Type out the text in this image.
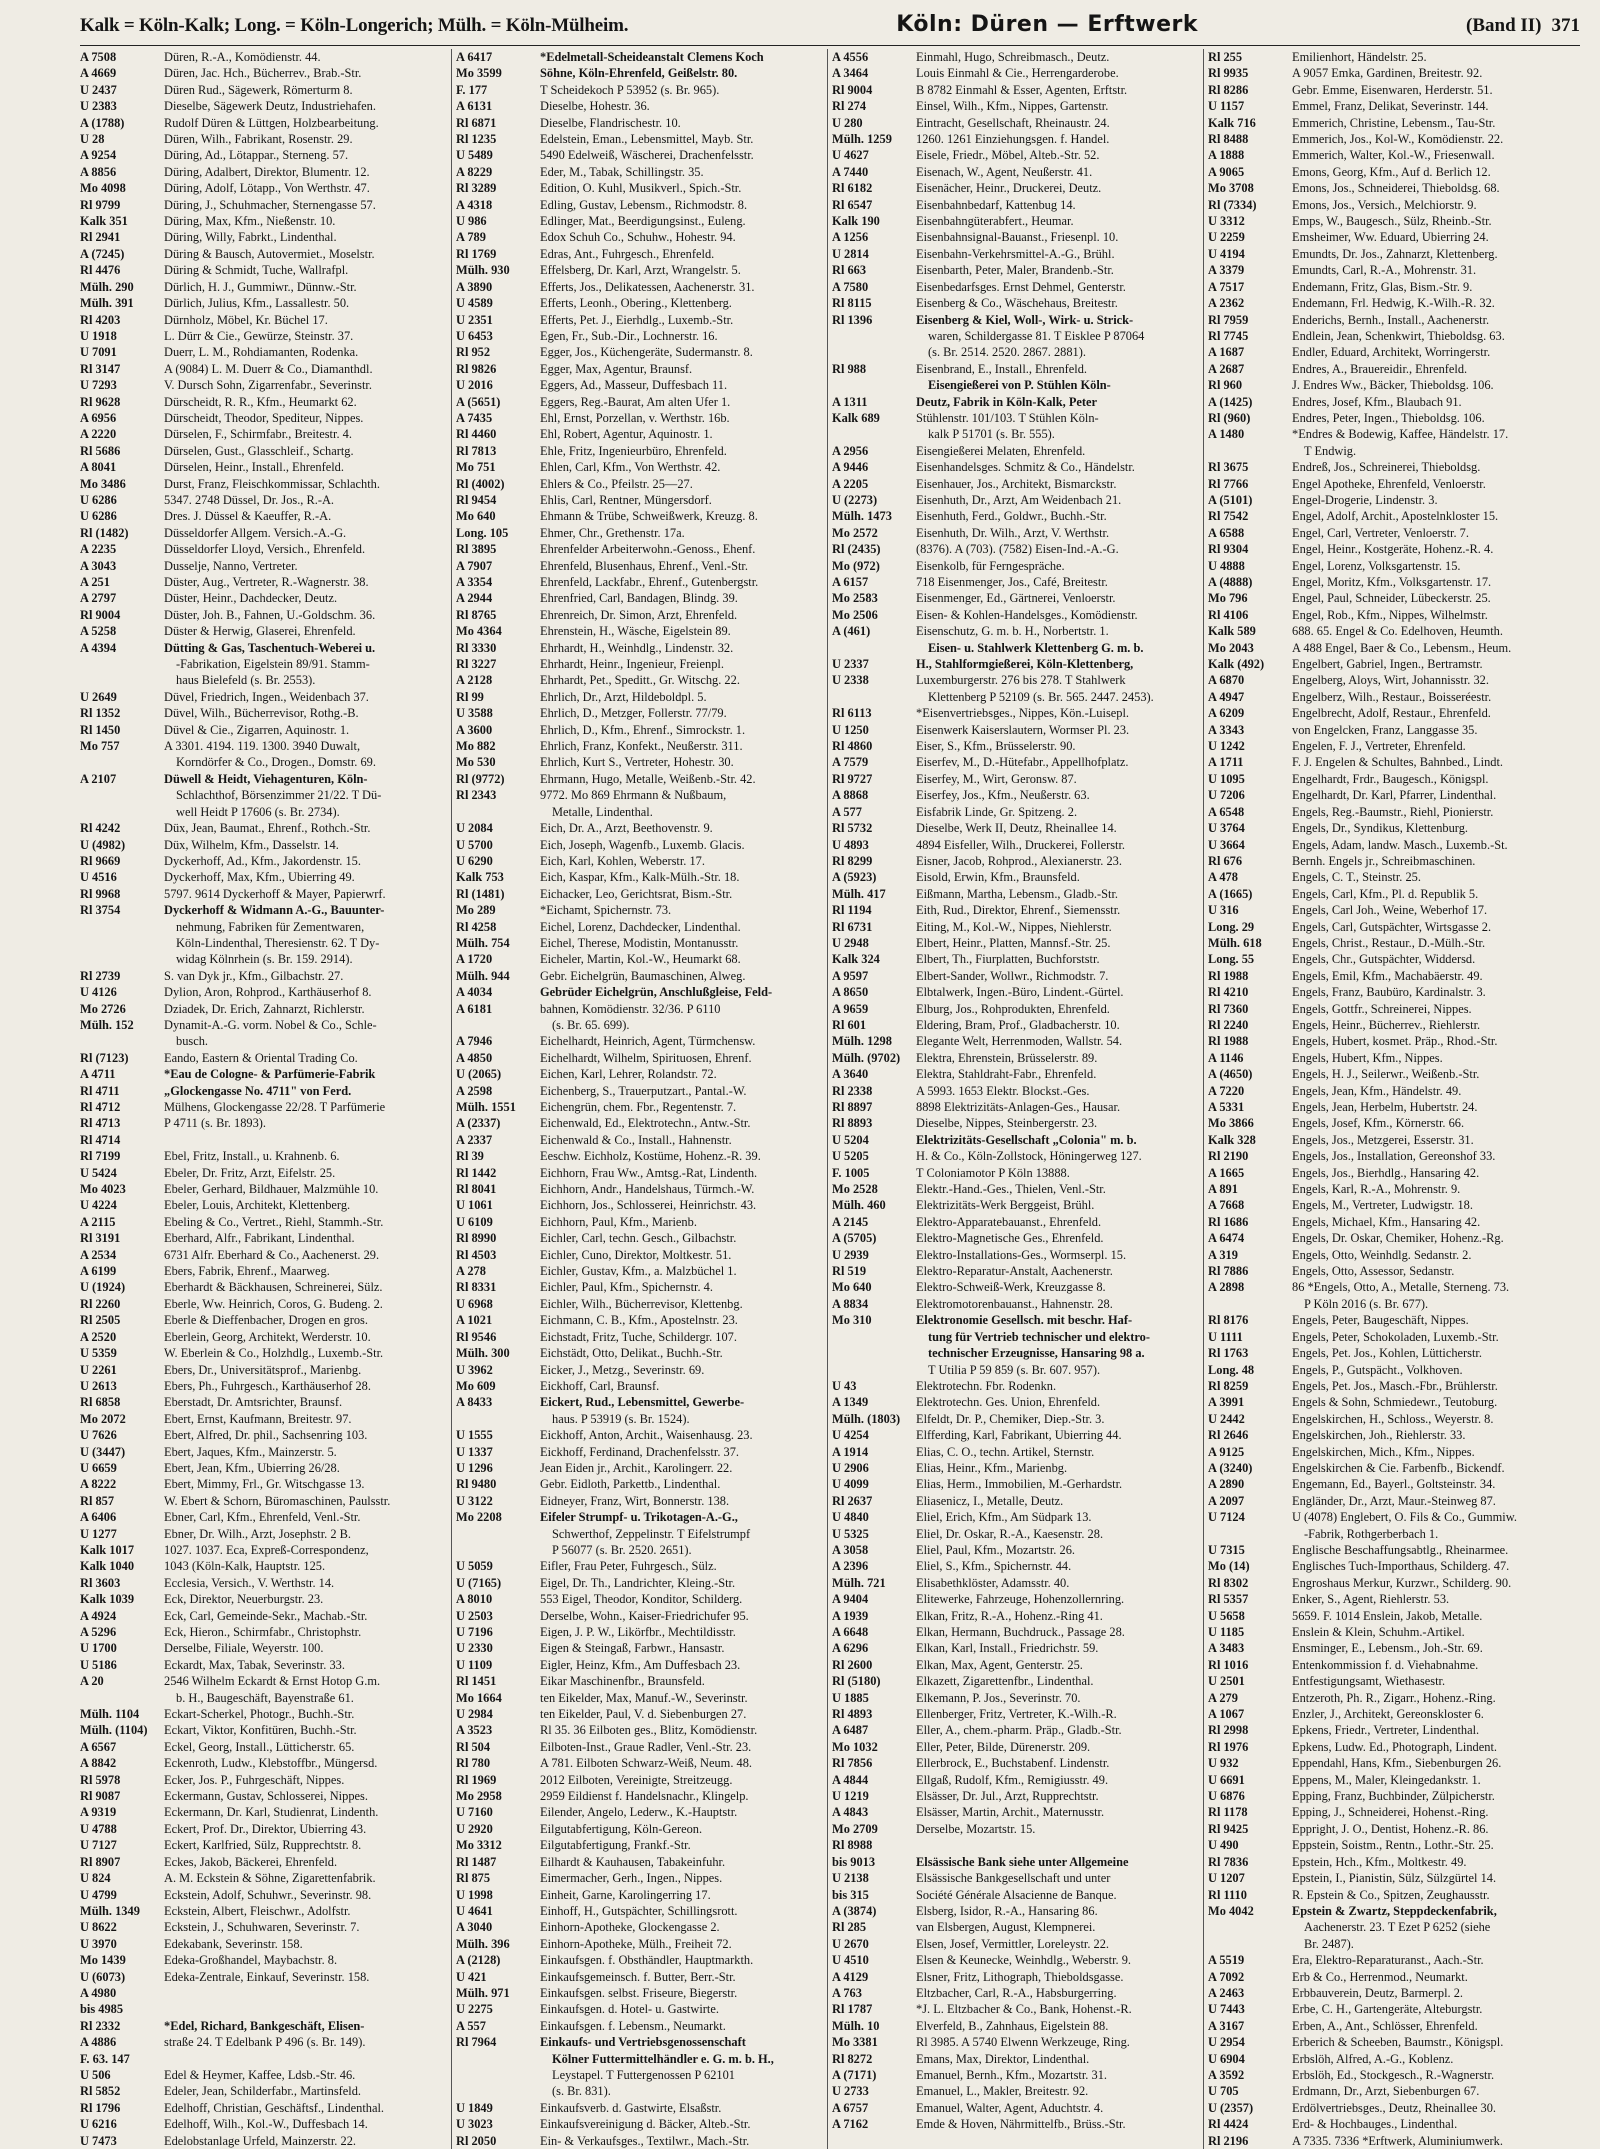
Kalk = Köln-Kalk; Long. = Köln-Longerich; Mülh. = Köln-Mülheim.	Köln: Düren — Erftwerk	(Band II) 371
A 7508	Düren, R.-A., Komödienstr. 44.
A 4669	Düren, Jac. Hch., Bücherrev., Brab.-Str.
U 2437	Düren Rud., Sägewerk, Römerturm 8.
U 2383	Dieselbe, Sägewerk Deutz, Industriehafen.
A (1788)	Rudolf Düren & Lüttgen, Holzbearbeitung.
U 28	Düren, Wilh., Fabrikant, Rosenstr. 29.
A 9254	Düring, Ad., Lötappar., Sterneng. 57.
A 8856	Düring, Adalbert, Direktor, Blumentr. 12.
Mo 4098	Düring, Adolf, Lötapp., Von Werthstr. 47.
Rl 9799	Düring, J., Schuhmacher, Sternengasse 57.
Kalk 351	Düring, Max, Kfm., Nießenstr. 10.
Rl 2941	Düring, Willy, Fabrkt., Lindenthal.
A (7245)	Düring & Bausch, Autovermiet., Moselstr.
Rl 4476	Düring & Schmidt, Tuche, Wallrafpl.
Mülh. 290	Dürlich, H. J., Gummiwr., Dünnw.-Str.
Mülh. 391	Dürlich, Julius, Kfm., Lassallestr. 50.
Rl 4203	Dürnholz, Möbel, Kr. Büchel 17.
U 1918	L. Dürr & Cie., Gewürze, Steinstr. 37.
U 7091	Duerr, L. M., Rohdiamanten, Rodenka.
Rl 3147	A (9084) L. M. Duerr & Co., Diamanthdl.
U 7293	V. Dursch Sohn, Zigarrenfabr., Severinstr.
Rl 9628	Dürscheidt, R. R., Kfm., Heumarkt 62.
A 6956	Dürscheidt, Theodor, Spediteur, Nippes.
A 2220	Dürselen, F., Schirmfabr., Breitestr. 4.
Rl 5686	Dürselen, Gust., Glasschleif., Schartg.
A 8041	Dürselen, Heinr., Install., Ehrenfeld.
Mo 3486	Durst, Franz, Fleischkommissar, Schlachth.
U 6286	5347. 2748 Düssel, Dr. Jos., R.-A.
U 6286	Dres. J. Düssel & Kaeuffer, R.-A.
Rl (1482)	Düsseldorfer Allgem. Versich.-A.-G.
A 2235	Düsseldorfer Lloyd, Versich., Ehrenfeld.
A 3043	Dusselje, Nanno, Vertreter.
A 251	Düster, Aug., Vertreter, R.-Wagnerstr. 38.
A 2797	Düster, Heinr., Dachdecker, Deutz.
Rl 9004	Düster, Joh. B., Fahnen, U.-Goldschm. 36.
A 5258	Düster & Herwig, Glaserei, Ehrenfeld.
A 4394	Dütting & Gas, Taschentuch-Weberei u.
-Fabrikation, Eigelstein 89/91. Stamm-
haus Bielefeld (s. Br. 2553).
U 2649	Düvel, Friedrich, Ingen., Weidenbach 37.
Rl 1352	Düvel, Wilh., Bücherrevisor, Rothg.-B.
Rl 1450	Düvel & Cie., Zigarren, Aquinostr. 1.
Mo 757	A 3301. 4194. 119. 1300. 3940 Duwalt,
Korndörfer & Co., Drogen., Domstr. 69.
A 2107	Düwell & Heidt, Viehagenturen, Köln-
Schlachthof, Börsenzimmer 21/22. T Dü-
well Heidt P 17606 (s. Br. 2734).
Rl 4242	Düx, Jean, Baumat., Ehrenf., Rothch.-Str.
U (4982)	Düx, Wilhelm, Kfm., Dasselstr. 14.
Rl 9669	Dyckerhoff, Ad., Kfm., Jakordenstr. 15.
U 4516	Dyckerhoff, Max, Kfm., Ubierring 49.
Rl 9968	5797. 9614 Dyckerhoff & Mayer, Papierwrf.
Rl 3754	Dyckerhoff & Widmann A.-G., Bauunter-
nehmung, Fabriken für Zementwaren,
Köln-Lindenthal, Theresienstr. 62. T Dy-
widag Kölnrhein (s. Br. 159. 2914).
Rl 2739	S. van Dyk jr., Kfm., Gilbachstr. 27.
U 4126	Dylion, Aron, Rohprod., Karthäuserhof 8.
Mo 2726	Dziadek, Dr. Erich, Zahnarzt, Richlerstr.
Mülh. 152	Dynamit-A.-G. vorm. Nobel & Co., Schle-
busch.
Rl (7123)	Eando, Eastern & Oriental Trading Co.
A 4711	*Eau de Cologne- & Parfümerie-Fabrik
Rl 4711	„Glockengasse No. 4711" von Ferd.
Rl 4712	Mülhens, Glockengasse 22/28. T Parfümerie
Rl 4713	P 4711 (s. Br. 1893).
Rl 4714
Rl 7199	Ebel, Fritz, Install., u. Krahnenb. 6.
U 5424	Ebeler, Dr. Fritz, Arzt, Eifelstr. 25.
Mo 4023	Ebeler, Gerhard, Bildhauer, Malzmühle 10.
U 4224	Ebeler, Louis, Architekt, Klettenberg.
A 2115	Ebeling & Co., Vertret., Riehl, Stammh.-Str.
Rl 3191	Eberhard, Alfr., Fabrikant, Lindenthal.
A 2534	6731 Alfr. Eberhard & Co., Aachenerst. 29.
A 6199	Ebers, Fabrik, Ehrenf., Maarweg.
U (1924)	Eberhardt & Bäckhausen, Schreinerei, Sülz.
Rl 2260	Eberle, Ww. Heinrich, Coros, G. Budeng. 2.
Rl 2505	Eberle & Dieffenbacher, Drogen en gros.
A 2520	Eberlein, Georg, Architekt, Werderstr. 10.
U 5359	W. Eberlein & Co., Holzhdlg., Luxemb.-Str.
U 2261	Ebers, Dr., Universitätsprof., Marienbg.
U 2613	Ebers, Ph., Fuhrgesch., Karthäuserhof 28.
Rl 6858	Eberstadt, Dr. Amtsrichter, Braunsf.
Mo 2072	Ebert, Ernst, Kaufmann, Breitestr. 97.
U 7626	Ebert, Alfred, Dr. phil., Sachsenring 103.
U (3447)	Ebert, Jaques, Kfm., Mainzerstr. 5.
U 6659	Ebert, Jean, Kfm., Ubierring 26/28.
A 8222	Ebert, Mimmy, Frl., Gr. Witschgasse 13.
Rl 857	W. Ebert & Schorn, Büromaschinen, Paulsstr.
A 6406	Ebner, Carl, Kfm., Ehrenfeld, Venl.-Str.
U 1277	Ebner, Dr. Wilh., Arzt, Josephstr. 2 B.
Kalk 1017	1027. 1037. Eca, Expreß-Correspondenz,
Kalk 1040	1043 (Köln-Kalk, Hauptstr. 125.
Rl 3603	Ecclesia, Versich., V. Werthstr. 14.
Kalk 1039	Eck, Direktor, Neuerburgstr. 23.
A 4924	Eck, Carl, Gemeinde-Sekr., Machab.-Str.
A 5296	Eck, Hieron., Schirmfabr., Christophstr.
U 1700	Derselbe, Filiale, Weyerstr. 100.
U 5186	Eckardt, Max, Tabak, Severinstr. 33.
A 20	2546 Wilhelm Eckardt & Ernst Hotop G.m.
b. H., Baugeschäft, Bayenstraße 61.
Mülh. 1104	Eckart-Scherkel, Photogr., Buchh.-Str.
Mülh. (1104)	Eckart, Viktor, Konfitüren, Buchh.-Str.
A 6567	Eckel, Georg, Install., Lütticherstr. 65.
A 8842	Eckenroth, Ludw., Klebstoffbr., Müngersd.
Rl 5978	Ecker, Jos. P., Fuhrgeschäft, Nippes.
Rl 9087	Eckermann, Gustav, Schlosserei, Nippes.
A 9319	Eckermann, Dr. Karl, Studienrat, Lindenth.
U 4788	Eckert, Prof. Dr., Direktor, Ubierring 43.
U 7127	Eckert, Karlfried, Sülz, Rupprechtstr. 8.
Rl 8907	Eckes, Jakob, Bäckerei, Ehrenfeld.
U 824	A. M. Eckstein & Söhne, Zigarettenfabrik.
U 4799	Eckstein, Adolf, Schuhwr., Severinstr. 98.
Mülh. 1349	Eckstein, Albert, Fleischwr., Adolfstr.
U 8622	Eckstein, J., Schuhwaren, Severinstr. 7.
U 3970	Edekabank, Severinstr. 158.
Mo 1439	Edeka-Großhandel, Maybachstr. 8.
U (6073)	Edeka-Zentrale, Einkauf, Severinstr. 158.
A 4980
bis 4985
Rl 2332	*Edel, Richard, Bankgeschäft, Elisen-
A 4886	straße 24. T Edelbank P 496 (s. Br. 149).
F. 63. 147
U 506	Edel & Heymer, Kaffee, Ldsb.-Str. 46.
Rl 5852	Edeler, Jean, Schilderfabr., Martinsfeld.
Rl 1796	Edelhoff, Christian, Geschäftsf., Lindenthal.
U 6216	Edelhoff, Wilh., Kol.-W., Duffesbach 14.
U 7473	Edelobstanlage Urfeld, Mainzerstr. 22.
A 6417	*Edelmetall-Scheideanstalt Clemens Koch
Mo 3599	Söhne, Köln-Ehrenfeld, Geißelstr. 80.
F. 177	T Scheidekoch P 53952 (s. Br. 965).
A 6131	Dieselbe, Hohestr. 36.
Rl 6871	Dieselbe, Flandrischestr. 10.
Rl 1235	Edelstein, Eman., Lebensmittel, Mayb. Str.
U 5489	5490 Edelweiß, Wäscherei, Drachenfelsstr.
A 8229	Eder, M., Tabak, Schillingstr. 35.
Rl 3289	Edition, O. Kuhl, Musikverl., Spich.-Str.
A 4318	Edling, Gustav, Lebensm., Richmodstr. 8.
U 986	Edlinger, Mat., Beerdigungsinst., Euleng.
A 789	Edox Schuh Co., Schuhw., Hohestr. 94.
Rl 1769	Edras, Ant., Fuhrgesch., Ehrenfeld.
Mülh. 930	Effelsberg, Dr. Karl, Arzt, Wrangelstr. 5.
A 3890	Efferts, Jos., Delikatessen, Aachenerstr. 31.
U 4589	Efferts, Leonh., Obering., Klettenberg.
U 2351	Efferts, Pet. J., Eierhdlg., Luxemb.-Str.
U 6453	Egen, Fr., Sub.-Dir., Lochnerstr. 16.
Rl 952	Egger, Jos., Küchengeräte, Sudermanstr. 8.
Rl 9826	Egger, Max, Agentur, Braunsf.
U 2016	Eggers, Ad., Masseur, Duffesbach 11.
A (5651)	Eggers, Reg.-Baurat, Am alten Ufer 1.
A 7435	Ehl, Ernst, Porzellan, v. Werthstr. 16b.
Rl 4460	Ehl, Robert, Agentur, Aquinostr. 1.
Rl 7813	Ehle, Fritz, Ingenieurbüro, Ehrenfeld.
Mo 751	Ehlen, Carl, Kfm., Von Werthstr. 42.
Rl (4002)	Ehlers & Co., Pfeilstr. 25—27.
Rl 9454	Ehlis, Carl, Rentner, Müngersdorf.
Mo 640	Ehmann & Trübe, Schweißwerk, Kreuzg. 8.
Long. 105	Ehmer, Chr., Grethenstr. 17a.
Rl 3895	Ehrenfelder Arbeiterwohn.-Genoss., Ehenf.
A 7907	Ehrenfeld, Blusenhaus, Ehrenf., Venl.-Str.
A 3354	Ehrenfeld, Lackfabr., Ehrenf., Gutenbergstr.
A 2944	Ehrenfried, Carl, Bandagen, Blindg. 39.
Rl 8765	Ehrenreich, Dr. Simon, Arzt, Ehrenfeld.
Mo 4364	Ehrenstein, H., Wäsche, Eigelstein 89.
Rl 3330	Ehrhardt, H., Weinhdlg., Lindenstr. 32.
Rl 3227	Ehrhardt, Heinr., Ingenieur, Freienpl.
A 2128	Ehrhardt, Pet., Speditt., Gr. Witschg. 22.
Rl 99	Ehrlich, Dr., Arzt, Hildeboldpl. 5.
U 3588	Ehrlich, D., Metzger, Follerstr. 77/79.
A 3600	Ehrlich, D., Kfm., Ehrenf., Simrockstr. 1.
Mo 882	Ehrlich, Franz, Konfekt., Neußerstr. 311.
Mo 530	Ehrlich, Kurt S., Vertreter, Hohestr. 30.
Rl (9772)	Ehrmann, Hugo, Metalle, Weißenb.-Str. 42.
Rl 2343	9772. Mo 869 Ehrmann & Nußbaum,
Metalle, Lindenthal.
U 2084	Eich, Dr. A., Arzt, Beethovenstr. 9.
U 5700	Eich, Joseph, Wagenfb., Luxemb. Glacis.
U 6290	Eich, Karl, Kohlen, Weberstr. 17.
Kalk 753	Eich, Kaspar, Kfm., Kalk-Mülh.-Str. 18.
Rl (1481)	Eichacker, Leo, Gerichtsrat, Bism.-Str.
Mo 289	*Eichamt, Spichernstr. 73.
Rl 4258	Eichel, Lorenz, Dachdecker, Lindenthal.
Mülh. 754	Eichel, Therese, Modistin, Montanusstr.
A 1720	Eicheler, Martin, Kol.-W., Heumarkt 68.
Mülh. 944	Gebr. Eichelgrün, Baumaschinen, Alweg.
A 4034	Gebrüder Eichelgrün, Anschlußgleise, Feld-
A 6181	bahnen, Komödienstr. 32/36. P 6110
(s. Br. 65. 699).
A 7946	Eichelhardt, Heinrich, Agent, Türmchensw.
A 4850	Eichelhardt, Wilhelm, Spirituosen, Ehrenf.
U (2065)	Eichen, Karl, Lehrer, Rolandstr. 72.
A 2598	Eichenberg, S., Trauerputzart., Pantal.-W.
Mülh. 1551	Eichengrün, chem. Fbr., Regentenstr. 7.
A (2337)	Eichenwald, Ed., Elektrotechn., Antw.-Str.
A 2337	Eichenwald & Co., Install., Hahnenstr.
Rl 39	Eeschw. Eichholz, Kostüme, Hohenz.-R. 39.
Rl 1442	Eichhorn, Frau Ww., Amtsg.-Rat, Lindenth.
Rl 8041	Eichhorn, Andr., Handelshaus, Türmch.-W.
U 1061	Eichhorn, Jos., Schlosserei, Heinrichstr. 43.
U 6109	Eichhorn, Paul, Kfm., Marienb.
Rl 8990	Eichler, Carl, techn. Gesch., Gilbachstr.
Rl 4503	Eichler, Cuno, Direktor, Moltkestr. 51.
A 278	Eichler, Gustav, Kfm., a. Malzbüchel 1.
Rl 8331	Eichler, Paul, Kfm., Spichernstr. 4.
U 6968	Eichler, Wilh., Bücherrevisor, Klettenbg.
A 1021	Eichmann, C. B., Kfm., Apostelnstr. 23.
Rl 9546	Eichstadt, Fritz, Tuche, Schildergr. 107.
Mülh. 300	Eichstädt, Otto, Delikat., Buchh.-Str.
U 3962	Eicker, J., Metzg., Severinstr. 69.
Mo 609	Eickhoff, Carl, Braunsf.
A 8433	Eickert, Rud., Lebensmittel, Gewerbe-
haus. P 53919 (s. Br. 1524).
U 1555	Eickhoff, Anton, Archit., Waisenhausg. 23.
U 1337	Eickhoff, Ferdinand, Drachenfelsstr. 37.
U 1296	Jean Eiden jr., Archit., Karolingerr. 22.
Rl 9480	Gebr. Eidloth, Parkettb., Lindenthal.
U 3122	Eidneyer, Franz, Wirt, Bonnerstr. 138.
Mo 2208	Eifeler Strumpf- u. Trikotagen-A.-G.,
Schwerthof, Zeppelinstr. T Eifelstrumpf
P 56077 (s. Br. 2520. 2651).
U 5059	Eifler, Frau Peter, Fuhrgesch., Sülz.
U (7165)	Eigel, Dr. Th., Landrichter, Kleing.-Str.
A 8010	553 Eigel, Theodor, Konditor, Schilderg.
U 2503	Derselbe, Wohn., Kaiser-Friedrichufer 95.
U 7196	Eigen, J. P. W., Likörfbr., Mechtildisstr.
U 2330	Eigen & Steingaß, Farbwr., Hansastr.
U 1109	Eigler, Heinz, Kfm., Am Duffesbach 23.
Rl 1451	Eikar Maschinenfbr., Braunsfeld.
Mo 1664	ten Eikelder, Max, Manuf.-W., Severinstr.
U 2984	ten Eikelder, Paul, V. d. Siebenburgen 27.
A 3523	Rl 35. 36 Eilboten ges., Blitz, Komödienstr.
Rl 504	Eilboten-Inst., Graue Radler, Venl.-Str. 23.
Rl 780	A 781. Eilboten Schwarz-Weiß, Neum. 48.
Rl 1969	2012 Eilboten, Vereinigte, Streitzeugg.
Mo 2958	2959 Eildienst f. Handelsnachr., Klingelp.
U 7160	Eilender, Angelo, Lederw., K.-Hauptstr.
U 2920	Eilgutabfertigung, Köln-Gereon.
Mo 3312	Eilgutabfertigung, Frankf.-Str.
Rl 1487	Eilhardt & Kauhausen, Tabakeinfuhr.
Rl 875	Eimermacher, Gerh., Ingen., Nippes.
U 1998	Einheit, Garne, Karolingerring 17.
U 4641	Einhoff, H., Gutspächter, Schillingsrott.
A 3040	Einhorn-Apotheke, Glockengasse 2.
Mülh. 396	Einhorn-Apotheke, Mülh., Freiheit 72.
A (2128)	Einkaufsgen. f. Obsthändler, Hauptmarkth.
U 421	Einkaufsgemeinsch. f. Butter, Berr.-Str.
Mülh. 971	Einkaufsgen. selbst. Friseure, Biegerstr.
U 2275	Einkaufsgen. d. Hotel- u. Gastwirte.
A 557	Einkaufsgen. f. Lebensm., Neumarkt.
Rl 7964	Einkaufs- und Vertriebsgenossenschaft
Kölner Futtermittelhändler e. G. m. b. H.,
Leystapel. T Futtergenossen P 62101
(s. Br. 831).
U 1849	Einkaufsverb. d. Gastwirte, Elsaßstr.
U 3023	Einkaufsvereinigung d. Bäcker, Alteb.-Str.
Rl 2050	Ein- & Verkaufsges., Textilwr., Mach.-Str.
A 4556	Einmahl, Hugo, Schreibmasch., Deutz.
A 3464	Louis Einmahl & Cie., Herrengarderobe.
Rl 9004	B 8782 Einmahl & Esser, Agenten, Erftstr.
Rl 274	Einsel, Wilh., Kfm., Nippes, Gartenstr.
U 280	Eintracht, Gesellschaft, Rheinaustr. 24.
Mülh. 1259	1260. 1261 Einziehungsgen. f. Handel.
U 4627	Eisele, Friedr., Möbel, Alteb.-Str. 52.
A 7440	Eisenach, W., Agent, Neußerstr. 41.
Rl 6182	Eisenächer, Heinr., Druckerei, Deutz.
Rl 6547	Eisenbahnbedarf, Kattenbug 14.
Kalk 190	Eisenbahngüterabfert., Heumar.
A 1256	Eisenbahnsignal-Bauanst., Friesenpl. 10.
U 2814	Eisenbahn-Verkehrsmittel-A.-G., Brühl.
Rl 663	Eisenbarth, Peter, Maler, Brandenb.-Str.
A 7580	Eisenbedarfsges. Ernst Dehmel, Genterstr.
Rl 8115	Eisenberg & Co., Wäschehaus, Breitestr.
Rl 1396	Eisenberg & Kiel, Woll-, Wirk- u. Strick-
waren, Schildergasse 81. T Eisklee P 87064
(s. Br. 2514. 2520. 2867. 2881).
Rl 988	Eisenbrand, E., Install., Ehrenfeld.
Eisengießerei von P. Stühlen Köln-
A 1311	Deutz, Fabrik in Köln-Kalk, Peter
Kalk 689	Stühlenstr. 101/103. T Stühlen Köln-
kalk P 51701 (s. Br. 555).
A 2956	Eisengießerei Melaten, Ehrenfeld.
A 9446	Eisenhandelsges. Schmitz & Co., Händelstr.
A 2205	Eisenhauer, Jos., Architekt, Bismarckstr.
U (2273)	Eisenhuth, Dr., Arzt, Am Weidenbach 21.
Mülh. 1473	Eisenhuth, Ferd., Goldwr., Buchh.-Str.
Mo 2572	Eisenhuth, Dr. Wilh., Arzt, V. Werthstr.
Rl (2435)	(8376). A (703). (7582) Eisen-Ind.-A.-G.
Mo (972)	Eisenkolb, für Ferngespräche.
A 6157	718 Eisenmenger, Jos., Café, Breitestr.
Mo 2583	Eisenmenger, Ed., Gärtnerei, Venloerstr.
Mo 2506	Eisen- & Kohlen-Handelsges., Komödienstr.
A (461)	Eisenschutz, G. m. b. H., Norbertstr. 1.
Eisen- u. Stahlwerk Klettenberg G. m. b.
U 2337	H., Stahlformgießerei, Köln-Klettenberg,
U 2338	Luxemburgerstr. 276 bis 278. T Stahlwerk
Klettenberg P 52109 (s. Br. 565. 2447. 2453).
Rl 6113	*Eisenvertriebsges., Nippes, Kön.-Luisepl.
U 1250	Eisenwerk Kaiserslautern, Wormser Pl. 23.
Rl 4860	Eiser, S., Kfm., Brüsselerstr. 90.
A 7579	Eiserfev, M., D.-Hütefabr., Appellhofplatz.
Rl 9727	Eiserfey, M., Wirt, Geronsw. 87.
A 8868	Eiserfey, Jos., Kfm., Neußerstr. 63.
A 577	Eisfabrik Linde, Gr. Spitzeng. 2.
Rl 5732	Dieselbe, Werk II, Deutz, Rheinallee 14.
U 4893	4894 Eisfeller, Wilh., Druckerei, Follerstr.
Rl 8299	Eisner, Jacob, Rohprod., Alexianerstr. 23.
A (5923)	Eisold, Erwin, Kfm., Braunsfeld.
Mülh. 417	Eißmann, Martha, Lebensm., Gladb.-Str.
Rl 1194	Eith, Rud., Direktor, Ehrenf., Siemensstr.
Rl 6731	Eiting, M., Kol.-W., Nippes, Niehlerstr.
U 2948	Elbert, Heinr., Platten, Mannsf.-Str. 25.
Kalk 324	Elbert, Th., Fiurplatten, Buchforststr.
A 9597	Elbert-Sander, Wollwr., Richmodstr. 7.
A 8650	Elbtalwerk, Ingen.-Büro, Lindent.-Gürtel.
A 9659	Elburg, Jos., Rohprodukten, Ehrenfeld.
Rl 601	Eldering, Bram, Prof., Gladbacherstr. 10.
Mülh. 1298	Elegante Welt, Herrenmoden, Wallstr. 54.
Mülh. (9702)	Elektra, Ehrenstein, Brüsselerstr. 89.
A 3640	Elektra, Stahldraht-Fabr., Ehrenfeld.
Rl 2338	A 5993. 1653 Elektr. Blockst.-Ges.
Rl 8897	8898 Elektrizitäts-Anlagen-Ges., Hausar.
Rl 8893	Dieselbe, Nippes, Steinbergerstr. 23.
U 5204	Elektrizitäts-Gesellschaft „Colonia" m. b.
U 5205	H. & Co., Köln-Zollstock, Höningerweg 127.
F. 1005	T Coloniamotor P Köln 13888.
Mo 2528	Elektr.-Hand.-Ges., Thielen, Venl.-Str.
Mülh. 460	Elektrizitäts-Werk Berggeist, Brühl.
A 2145	Elektro-Apparatebauanst., Ehrenfeld.
A (5705)	Elektro-Magnetische Ges., Ehrenfeld.
U 2939	Elektro-Installations-Ges., Wormserpl. 15.
Rl 519	Elektro-Reparatur-Anstalt, Aachenerstr.
Mo 640	Elektro-Schweiß-Werk, Kreuzgasse 8.
A 8834	Elektromotorenbauanst., Hahnenstr. 28.
Mo 310	Elektronomie Gesellsch. mit beschr. Haf-
tung für Vertrieb technischer und elektro-
technischer Erzeugnisse, Hansaring 98 a.
T Utilia P 59 859 (s. Br. 607. 957).
U 43	Elektrotechn. Fbr. Rodenkn.
A 1349	Elektrotechn. Ges. Union, Ehrenfeld.
Mülh. (1803)	Elfeldt, Dr. P., Chemiker, Diep.-Str. 3.
U 4254	Elfferding, Karl, Fabrikant, Ubierring 44.
A 1914	Elias, C. O., techn. Artikel, Sternstr.
U 2906	Elias, Heinr., Kfm., Marienbg.
U 4099	Elias, Herm., Immobilien, M.-Gerhardstr.
Rl 2637	Eliasenicz, I., Metalle, Deutz.
U 4840	Eliel, Erich, Kfm., Am Südpark 13.
U 5325	Eliel, Dr. Oskar, R.-A., Kaesenstr. 28.
A 3058	Eliel, Paul, Kfm., Mozartstr. 26.
A 2396	Eliel, S., Kfm., Spichernstr. 44.
Mülh. 721	Elisabethklöster, Adamsstr. 40.
A 9404	Elitewerke, Fahrzeuge, Hohenzollernring.
A 1939	Elkan, Fritz, R.-A., Hohenz.-Ring 41.
A 6648	Elkan, Hermann, Buchdruck., Passage 28.
A 6296	Elkan, Karl, Install., Friedrichstr. 59.
Rl 2600	Elkan, Max, Agent, Genterstr. 25.
Rl (5180)	Elkazett, Zigarettenfbr., Lindenthal.
U 1885	Elkemann, P. Jos., Severinstr. 70.
Rl 4893	Ellenberger, Fritz, Vertreter, K.-Wilh.-R.
A 6487	Eller, A., chem.-pharm. Präp., Gladb.-Str.
Mo 1032	Eller, Peter, Bilde, Dürenerstr. 209.
Rl 7856	Ellerbrock, E., Buchstabenf. Lindenstr.
A 4844	Ellgaß, Rudolf, Kfm., Remigiusstr. 49.
U 1219	Elsässer, Dr. Jul., Arzt, Rupprechtstr.
A 4843	Elsässer, Martin, Archit., Maternusstr.
Mo 2709	Derselbe, Mozartstr. 15.
Rl 8988
bis 9013	Elsässische Bank siehe unter Allgemeine
U 2138	Elsässische Bankgesellschaft und unter
bis 315	Société Générale Alsacienne de Banque.
A (3874)	Elsberg, Isidor, R.-A., Hansaring 86.
Rl 285	van Elsbergen, August, Klempnerei.
U 2670	Elsen, Josef, Vermittler, Loreleystr. 22.
U 4510	Elsen & Keunecke, Weinhdlg., Weberstr. 9.
A 4129	Elsner, Fritz, Lithograph, Thieboldsgasse.
A 763	Eltzbacher, Carl, R.-A., Habsburgerring.
Rl 1787	*J. L. Eltzbacher & Co., Bank, Hohenst.-R.
Mülh. 10	Elverfeld, B., Zahnhaus, Eigelstein 88.
Mo 3381	Rl 3985. A 5740 Elwenn Werkzeuge, Ring.
Rl 8272	Emans, Max, Direktor, Lindenthal.
A (7171)	Emanuel, Bernh., Kfm., Mozartstr. 31.
U 2733	Emanuel, L., Makler, Breitestr. 92.
A 6757	Emanuel, Walter, Agent, Aduchtstr. 4.
A 7162	Emde & Hoven, Nährmittelfb., Brüss.-Str.
Rl 255	Emilienhort, Händelstr. 25.
Rl 9935	A 9057 Emka, Gardinen, Breitestr. 92.
Rl 8286	Gebr. Emme, Eisenwaren, Herderstr. 51.
U 1157	Emmel, Franz, Delikat, Severinstr. 144.
Kalk 716	Emmerich, Christine, Lebensm., Tau-Str.
Rl 8488	Emmerich, Jos., Kol-W., Komödienstr. 22.
A 1888	Emmerich, Walter, Kol.-W., Friesenwall.
A 9065	Emons, Georg, Kfm., Auf d. Berlich 12.
Mo 3708	Emons, Jos., Schneiderei, Thieboldsg. 68.
Rl (7334)	Emons, Jos., Versich., Melchiorstr. 9.
U 3312	Emps, W., Baugesch., Sülz, Rheinb.-Str.
U 2259	Emsheimer, Ww. Eduard, Ubierring 24.
U 4194	Emundts, Dr. Jos., Zahnarzt, Klettenberg.
A 3379	Emundts, Carl, R.-A., Mohrenstr. 31.
A 7517	Endemann, Fritz, Glas, Bism.-Str. 9.
A 2362	Endemann, Frl. Hedwig, K.-Wilh.-R. 32.
Rl 7959	Enderichs, Bernh., Install., Aachenerstr.
Rl 7745	Endlein, Jean, Schenkwirt, Thieboldsg. 63.
A 1687	Endler, Eduard, Architekt, Worringerstr.
A 2687	Endres, A., Brauereidir., Ehrenfeld.
Rl 960	J. Endres Ww., Bäcker, Thieboldsg. 106.
A (1425)	Endres, Josef, Kfm., Blaubach 91.
Rl (960)	Endres, Peter, Ingen., Thieboldsg. 106.
A 1480	*Endres & Bodewig, Kaffee, Händelstr. 17.
T Endwig.
Rl 3675	Endreß, Jos., Schreinerei, Thieboldsg.
Rl 7766	Engel Apotheke, Ehrenfeld, Venloerstr.
A (5101)	Engel-Drogerie, Lindenstr. 3.
Rl 7542	Engel, Adolf, Archit., Apostelnkloster 15.
A 6588	Engel, Carl, Vertreter, Venloerstr. 7.
Rl 9304	Engel, Heinr., Kostgeräte, Hohenz.-R. 4.
U 4888	Engel, Lorenz, Volksgartenstr. 15.
A (4888)	Engel, Moritz, Kfm., Volksgartenstr. 17.
Mo 796	Engel, Paul, Schneider, Lübeckerstr. 25.
Rl 4106	Engel, Rob., Kfm., Nippes, Wilhelmstr.
Kalk 589	688. 65. Engel & Co. Edelhoven, Heumth.
Mo 2043	A 488 Engel, Baer & Co., Lebensm., Heum.
Kalk (492)	Engelbert, Gabriel, Ingen., Bertramstr.
A 6870	Engelberg, Aloys, Wirt, Johannisstr. 32.
A 4947	Engelberz, Wilh., Restaur., Boisseréestr.
A 6209	Engelbrecht, Adolf, Restaur., Ehrenfeld.
A 3343	von Engelcken, Franz, Langgasse 35.
U 1242	Engelen, F. J., Vertreter, Ehrenfeld.
A 1711	F. J. Engelen & Schultes, Bahnbed., Lindt.
U 1095	Engelhardt, Frdr., Baugesch., Königspl.
U 7206	Engelhardt, Dr. Karl, Pfarrer, Lindenthal.
A 6548	Engels, Reg.-Baumstr., Riehl, Pionierstr.
U 3764	Engels, Dr., Syndikus, Klettenburg.
U 3664	Engels, Adam, landw. Masch., Luxemb.-St.
Rl 676	Bernh. Engels jr., Schreibmaschinen.
A 478	Engels, C. T., Steinstr. 25.
A (1665)	Engels, Carl, Kfm., Pl. d. Republik 5.
U 316	Engels, Carl Joh., Weine, Weberhof 17.
Long. 29	Engels, Carl, Gutspächter, Wirtsgasse 2.
Mülh. 618	Engels, Christ., Restaur., D.-Mülh.-Str.
Long. 55	Engels, Chr., Gutspächter, Widdersd.
Rl 1988	Engels, Emil, Kfm., Machabäerstr. 49.
Rl 4210	Engels, Franz, Baubüro, Kardinalstr. 3.
Rl 7360	Engels, Gottfr., Schreinerei, Nippes.
Rl 2240	Engels, Heinr., Bücherrev., Riehlerstr.
Rl 1988	Engels, Hubert, kosmet. Präp., Rhod.-Str.
A 1146	Engels, Hubert, Kfm., Nippes.
A (4650)	Engels, H. J., Seilerwr., Weißenb.-Str.
A 7220	Engels, Jean, Kfm., Händelstr. 49.
A 5331	Engels, Jean, Herbelm, Hubertstr. 24.
Mo 3866	Engels, Josef, Kfm., Körnerstr. 66.
Kalk 328	Engels, Jos., Metzgerei, Esserstr. 31.
Rl 2190	Engels, Jos., Installation, Gereonshof 33.
A 1665	Engels, Jos., Bierhdlg., Hansaring 42.
A 891	Engels, Karl, R.-A., Mohrenstr. 9.
A 7668	Engels, M., Vertreter, Ludwigstr. 18.
Rl 1686	Engels, Michael, Kfm., Hansaring 42.
A 6474	Engels, Dr. Oskar, Chemiker, Hohenz.-Rg.
A 319	Engels, Otto, Weinhdlg. Sedanstr. 2.
Rl 7886	Engels, Otto, Assessor, Sedanstr.
A 2898	86 *Engels, Otto, A., Metalle, Sterneng. 73.
P Köln 2016 (s. Br. 677).
Rl 8176	Engels, Peter, Baugeschäft, Nippes.
U 1111	Engels, Peter, Schokoladen, Luxemb.-Str.
Rl 1763	Engels, Pet. Jos., Kohlen, Lütticherstr.
Long. 48	Engels, P., Gutspächt., Volkhoven.
Rl 8259	Engels, Pet. Jos., Masch.-Fbr., Brühlerstr.
A 3991	Engels & Sohn, Schmiedewr., Teutoburg.
U 2442	Engelskirchen, H., Schloss., Weyerstr. 8.
Rl 2646	Engelskirchen, Joh., Riehlerstr. 33.
A 9125	Engelskirchen, Mich., Kfm., Nippes.
A (3240)	Engelskirchen & Cie. Farbenfb., Bickendf.
A 2890	Engemann, Ed., Bayerl., Goltsteinstr. 34.
A 2097	Engländer, Dr., Arzt, Maur.-Steinweg 87.
U 7124	U (4078) Englebert, O. Fils & Co., Gummiw.
-Fabrik, Rothgerberbach 1.
U 7315	Englische Beschaffungsabtlg., Rheinarmee.
Mo (14)	Englisches Tuch-Importhaus, Schilderg. 47.
Rl 8302	Engroshaus Merkur, Kurzwr., Schilderg. 90.
Rl 5357	Enker, S., Agent, Riehlerstr. 53.
U 5658	5659. F. 1014 Enslein, Jakob, Metalle.
U 1185	Enslein & Klein, Schuhm.-Artikel.
A 3483	Ensminger, E., Lebensm., Joh.-Str. 69.
Rl 1016	Entenkommission f. d. Viehabnahme.
U 2501	Entfestigungsamt, Wiethasestr.
A 279	Entzeroth, Ph. R., Zigarr., Hohenz.-Ring.
A 1067	Enzler, J., Architekt, Gereonskloster 6.
Rl 2998	Epkens, Friedr., Vertreter, Lindenthal.
Rl 1976	Epkens, Ludw. Ed., Photograph, Lindent.
U 932	Eppendahl, Hans, Kfm., Siebenburgen 26.
U 6691	Eppens, M., Maler, Kleingedankstr. 1.
U 6876	Epping, Franz, Buchbinder, Zülpicherstr.
Rl 1178	Epping, J., Schneiderei, Hohenst.-Ring.
Rl 9425	Eppright, J. O., Dentist, Hohenz.-R. 86.
U 490	Eppstein, Soistm., Rentn., Lothr.-Str. 25.
Rl 7836	Epstein, Hch., Kfm., Moltkestr. 49.
U 1207	Epstein, I., Pianistin, Sülz, Sülzgürtel 14.
Rl 1110	R. Epstein & Co., Spitzen, Zeughausstr.
Mo 4042	Epstein & Zwartz, Steppdeckenfabrik,
Aachenerstr. 23. T Ezet P 6252 (siehe
Br. 2487).
A 5519	Era, Elektro-Reparaturanst., Aach.-Str.
A 7092	Erb & Co., Herrenmod., Neumarkt.
A 2463	Erbbauverein, Deutz, Barmerpl. 2.
U 7443	Erbe, C. H., Gartengeräte, Alteburgstr.
A 3167	Erben, A., Ant., Schlösser, Ehrenfeld.
U 2954	Erberich & Scheeben, Baumstr., Königspl.
U 6904	Erbslöh, Alfred, A.-G., Koblenz.
A 3592	Erbslöh, Ed., Stockgesch., R.-Wagnerstr.
U 705	Erdmann, Dr., Arzt, Siebenburgen 67.
U (2357)	Erdölvertriebsges., Deutz, Rheinallee 30.
Rl 4424	Erd- & Hochbauges., Lindenthal.
Rl 2196	A 7335. 7336 *Erftwerk, Aluminiumwerk.
